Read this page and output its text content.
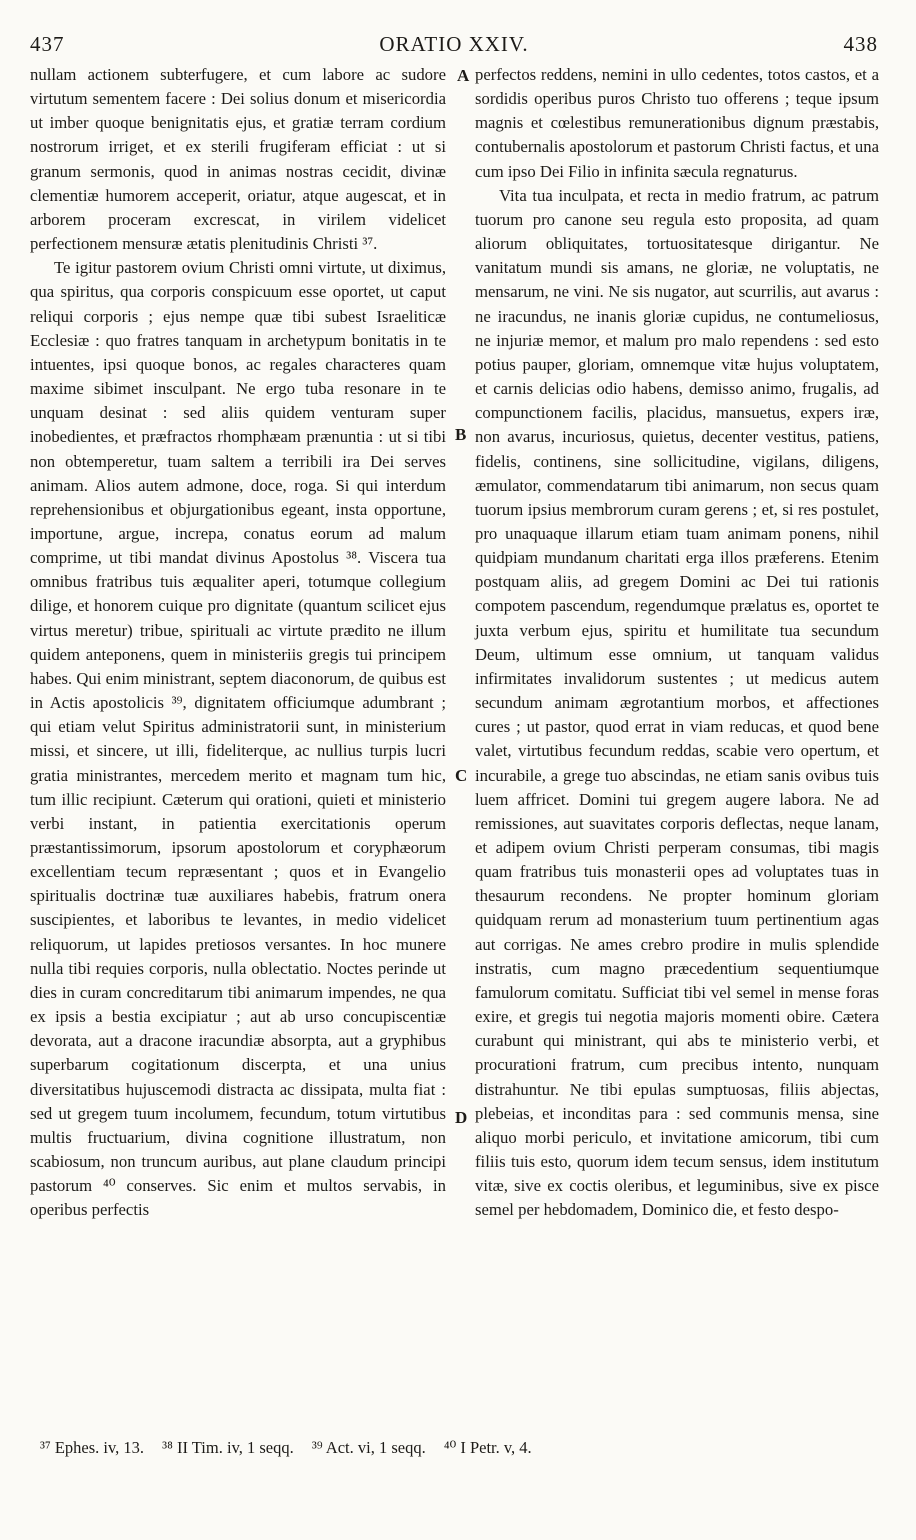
437	ORATIO XXIV.	438

nullam actionem subterfugere, et cum labore ac sudore virtutum sementem facere : Dei solius donum et misericordia ut imber quoque benignitatis ejus, et gratiæ terram cordium nostrorum irriget, et ex sterili frugiferam efficiat : ut si granum sermonis, quod in animas nostras cecidit, divinæ clementiæ humorem acceperit, oriatur, atque augescat, et in arborem proceram excrescat, in virilem videlicet perfectionem mensuræ ætatis plenitudinis Christi ³⁷.

Te igitur pastorem ovium Christi omni virtute, ut diximus, qua spiritus, qua corporis conspicuum esse oportet, ut caput reliqui corporis ; ejus nempe quæ tibi subest Israeliticæ Ecclesiæ : quo fratres tanquam in archetypum bonitatis in te intuentes, ipsi quoque bonos, ac regales characteres quam maxime sibimet insculpant. Ne ergo tuba resonare in te unquam desinat : sed aliis quidem venturam super inobedientes, et præfractos rhomphæam prænuntia : ut si tibi non obtemperetur, tuam saltem a terribili ira Dei serves animam. Alios autem admone, doce, roga. Si qui interdum reprehensionibus et objurgationibus egeant, insta opportune, importune, argue, increpa, conatus eorum ad malum comprime, ut tibi mandat divinus Apostolus ³⁸. Viscera tua omnibus fratribus tuis æqualiter aperi, totumque collegium dilige, et honorem cuique pro dignitate (quantum scilicet ejus virtus meretur) tribue, spirituali ac virtute prædito ne illum quidem anteponens, quem in ministeriis gregis tui principem habes. Qui enim ministrant, septem diaconorum, de quibus est in Actis apostolicis ³⁹, dignitatem officiumque adumbrant ; qui etiam velut Spiritus administratorii sunt, in ministerium missi, et sincere, ut illi, fideliterque, ac nullius turpis lucri gratia ministrantes, mercedem merito et magnam tum hic, tum illic recipiunt. Cæterum qui orationi, quieti et ministerio verbi instant, in patientia exercitationis operum præstantissimorum, ipsorum apostolorum et coryphæorum excellentiam tecum repræsentant ; quos et in Evangelio spiritualis doctrinæ tuæ auxiliares habebis, fratrum onera suscipientes, et laboribus te levantes, in medio videlicet reliquorum, ut lapides pretiosos versantes. In hoc munere nulla tibi requies corporis, nulla oblectatio. Noctes perinde ut dies in curam concreditarum tibi animarum impendes, ne qua ex ipsis a bestia excipiatur ; aut ab urso concupiscentiæ devorata, aut a dracone iracundiæ absorpta, aut a gryphibus superbarum cogitationum discerpta, et una unius diversitatibus hujuscemodi distracta ac dissipata, multa fiat : sed ut gregem tuum incolumem, fecundum, totum virtutibus multis fructuarium, divina cognitione illustratum, non scabiosum, non truncum auribus, aut plane claudum principi pastorum ⁴⁰ conserves. Sic enim et multos servabis, in operibus perfectis

perfectos reddens, nemini in ullo cedentes, totos castos, et a sordidis operibus puros Christo tuo offerens ; teque ipsum magnis et cœlestibus remunerationibus dignum præstabis, contubernalis apostolorum et pastorum Christi factus, et una cum ipso Dei Filio in infinita sæcula regnaturus.

Vita tua inculpata, et recta in medio fratrum, ac patrum tuorum pro canone seu regula esto proposita, ad quam aliorum obliquitates, tortuositatesque dirigantur. Ne vanitatum mundi sis amans, ne gloriæ, ne voluptatis, ne mensarum, ne vini. Ne sis nugator, aut scurrilis, aut avarus : ne iracundus, ne inanis gloriæ cupidus, ne contumeliosus, ne injuriæ memor, et malum pro malo rependens : sed esto potius pauper, gloriam, omnemque vitæ hujus voluptatem, et carnis delicias odio habens, demisso animo, frugalis, ad compunctionem facilis, placidus, mansuetus, expers iræ, non avarus, incuriosus, quietus, decenter vestitus, patiens, fidelis, continens, sine sollicitudine, vigilans, diligens, æmulator, commendatarum tibi animarum, non secus quam tuorum ipsius membrorum curam gerens ; et, si res postulet, pro unaquaque illarum etiam tuam animam ponens, nihil quidpiam mundanum charitati erga illos præferens. Etenim postquam aliis, ad gregem Domini ac Dei tui rationis compotem pascendum, regendumque prælatus es, oportet te juxta verbum ejus, spiritu et humilitate tua secundum Deum, ultimum esse omnium, ut tanquam validus infirmitates invalidorum sustentes ; ut medicus autem secundum animam ægrotantium morbos, et affectiones cures ; ut pastor, quod errat in viam reducas, et quod bene valet, virtutibus fecundum reddas, scabie vero opertum, et incurabile, a grege tuo abscindas, ne etiam sanis ovibus tuis luem affricet. Domini tui gregem augere labora. Ne ad remissiones, aut suavitates corporis deflectas, neque lanam, et adipem ovium Christi perperam consumas, tibi magis quam fratribus tuis monasterii opes ad voluptates tuas in thesaurum recondens. Ne propter hominum gloriam quidquam rerum ad monasterium tuum pertinentium agas aut corrigas. Ne ames crebro prodire in mulis splendide instratis, cum magno præcedentium sequentiumque famulorum comitatu. Sufficiat tibi vel semel in mense foras exire, et gregis tui negotia majoris momenti obire. Cætera curabunt qui ministrant, qui abs te ministerio verbi, et procurationi fratrum, cum precibus intento, nunquam distrahuntur. Ne tibi epulas sumptuosas, filiis abjectas, plebeias, et inconditas para : sed communis mensa, sine aliquo morbi periculo, et invitatione amicorum, tibi cum filiis tuis esto, quorum idem tecum sensus, idem institutum vitæ, sive ex coctis oleribus, et leguminibus, sive ex pisce semel per hebdomadem, Dominico die, et festo despo-

A
B
C
D
³⁷ Ephes. iv, 13. ³⁸ II Tim. iv, 1 seqq. ³⁹ Act. vi, 1 seqq. ⁴⁰ I Petr. v, 4.
